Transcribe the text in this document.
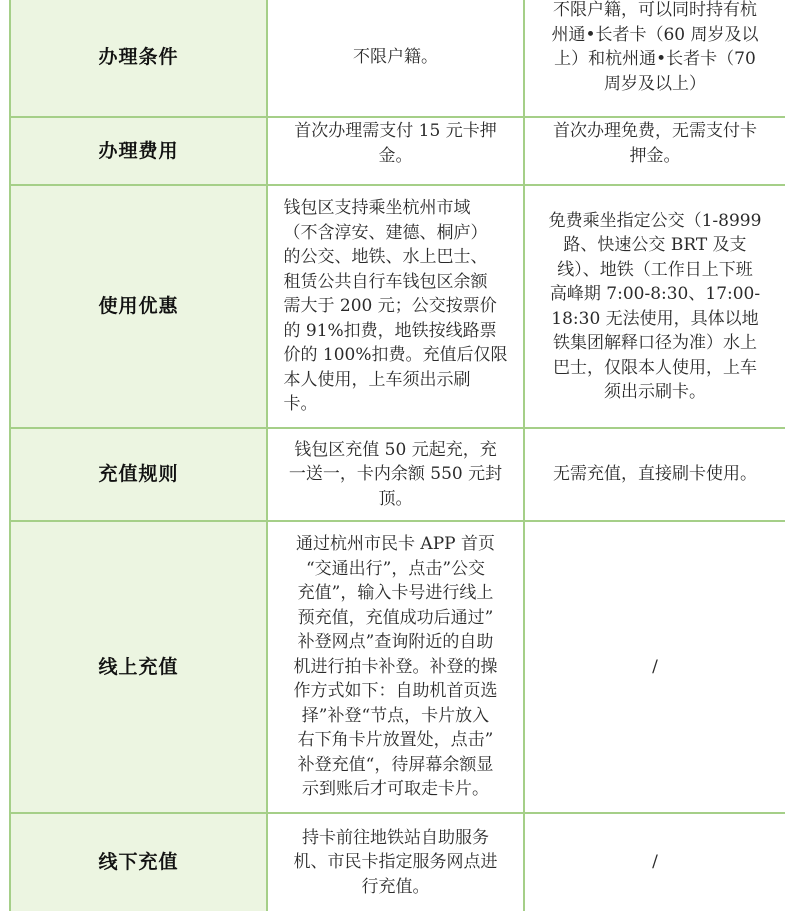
办理条件	不限户籍。
不限户籍，可以同时持有杭
州通•长者卡（60 周岁及以
上）和杭州通•长者卡（70
周岁及以上）
办理费用
首次办理需支付 15 元卡押
金。
首次办理免费，无需支付卡
押金。
使用优惠
钱包区支持乘坐杭州市域
（不含淳安、建德、桐庐）
的公交、地铁、水上巴士、
租赁公共自行车钱包区余额
需大于 200 元；公交按票价
的 91%扣费，地铁按线路票
价的 100%扣费。充值后仅限
本人使用，上车须出示刷
卡。
免费乘坐指定公交（1-8999
路、快速公交 BRT 及支
线）、地铁（工作日上下班
高峰期 7:00-8:30、17:00-
18:30 无法使用，具体以地
铁集团解释口径为准）水上
巴士，仅限本人使用，上车
须出示刷卡。
充值规则
钱包区充值 50 元起充，充
一送一，卡内余额 550 元封
顶。
无需充值，直接刷卡使用。
线上充值
通过杭州市民卡 APP 首页
“交通出行”，点击”公交
充值”，输入卡号进行线上
预充值，充值成功后通过”
补登网点”查询附近的自助
机进行拍卡补登。补登的操
作方式如下：自助机首页选
择”补登“节点，卡片放入
右下角卡片放置处，点击”
补登充值“，待屏幕余额显
示到账后才可取走卡片。
/
线下充值
持卡前往地铁站自助服务
机、市民卡指定服务网点进
行充值。
/
